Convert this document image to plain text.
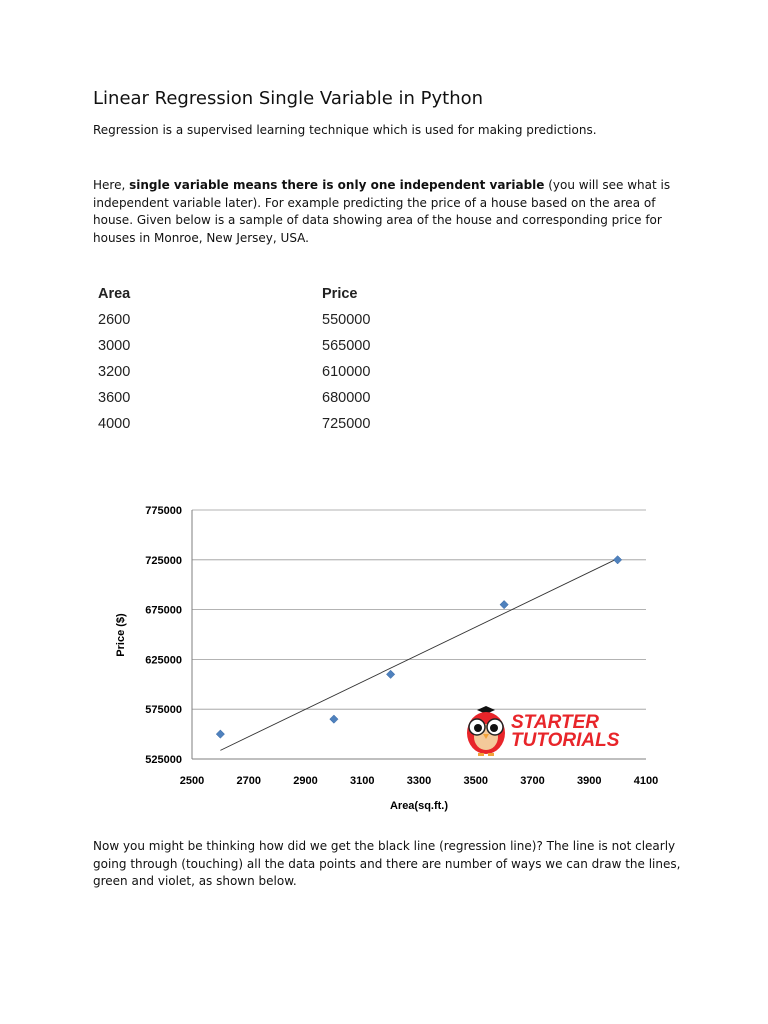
Linear Regression Single Variable in Python

Regression is a supervised learning technique which is used for making predictions.

Here, single variable means there is only one independent variable (you will see what is independent variable later). For example predicting the price of a house based on the area of house. Given below is a sample of data showing area of the house and corresponding price for houses in Monroe, New Jersey, USA.

Area	Price
2600	550000
3000	565000
3200	610000
3600	680000
4000	725000
525000
575000
625000
675000
725000
775000
2500	2700	2900	3100	3300	3500	3700	3900	4100
Price ($)
Area(sq.ft.)
STARTER
TUTORIALS

Now you might be thinking how did we get the black line (regression line)? The line is not clearly going through (touching) all the data points and there are number of ways we can draw the lines, green and violet, as shown below.
